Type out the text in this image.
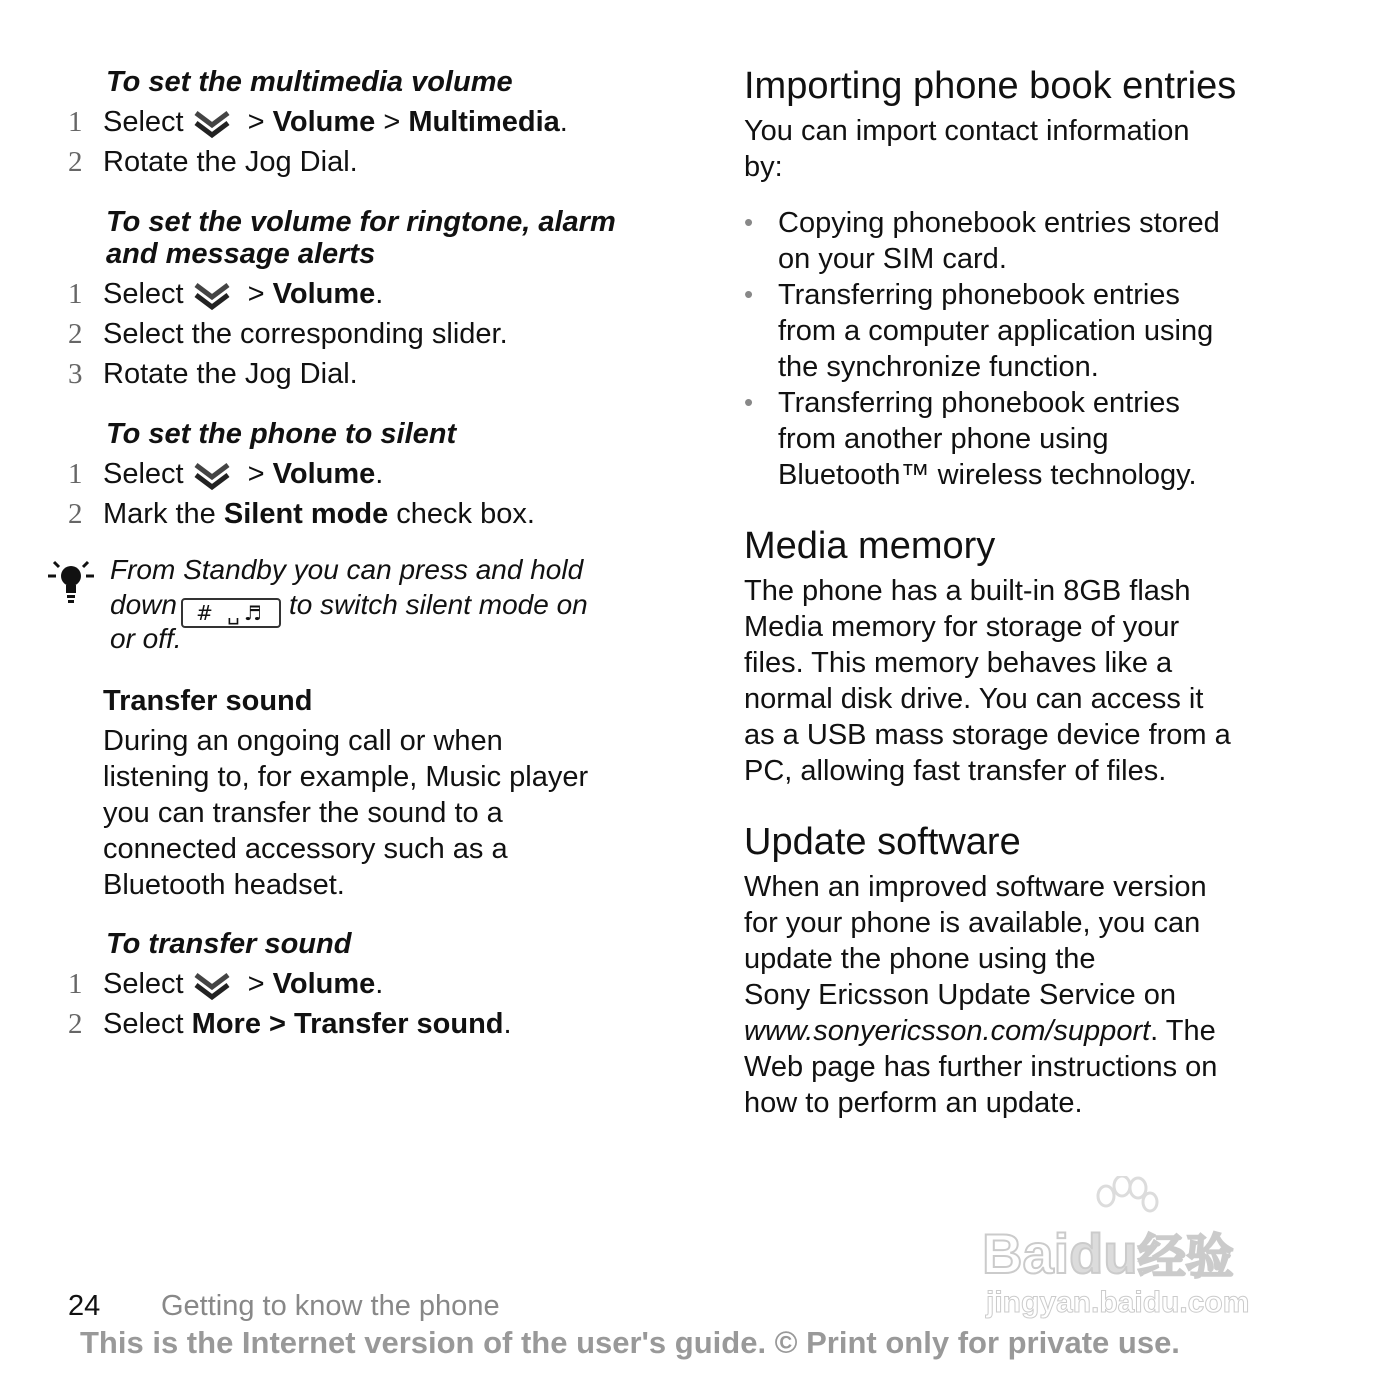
To set the multimedia volume
1 Select > Volume > Multimedia.
2 Rotate the Jog Dial.
To set the volume for ringtone, alarm
and message alerts
1 Select > Volume.
2 Select the corresponding slider.
3 Rotate the Jog Dial.
To set the phone to silent
1 Select > Volume.
2 Mark the Silent mode check box.
From Standby you can press and hold
down # ␣♬ to switch silent mode on
or off.
Transfer sound
During an ongoing call or when
listening to, for example, Music player
you can transfer the sound to a
connected accessory such as a
Bluetooth headset.
To transfer sound
1 Select > Volume.
2 Select More > Transfer sound.
Importing phone book entries
You can import contact information
by:
• Copying phonebook entries stored
on your SIM card.
• Transferring phonebook entries
from a computer application using
the synchronize function.
• Transferring phonebook entries
from another phone using
Bluetooth™ wireless technology.
Media memory
The phone has a built-in 8GB flash
Media memory for storage of your
files. This memory behaves like a
normal disk drive. You can access it
as a USB mass storage device from a
PC, allowing fast transfer of files.
Update software
When an improved software version
for your phone is available, you can
update the phone using the
Sony Ericsson Update Service on
www.sonyericsson.com/support. The
Web page has further instructions on
how to perform an update.
Baidu经验
jingyan.baidu.com
24 Getting to know the phone
This is the Internet version of the user's guide. © Print only for private use.
